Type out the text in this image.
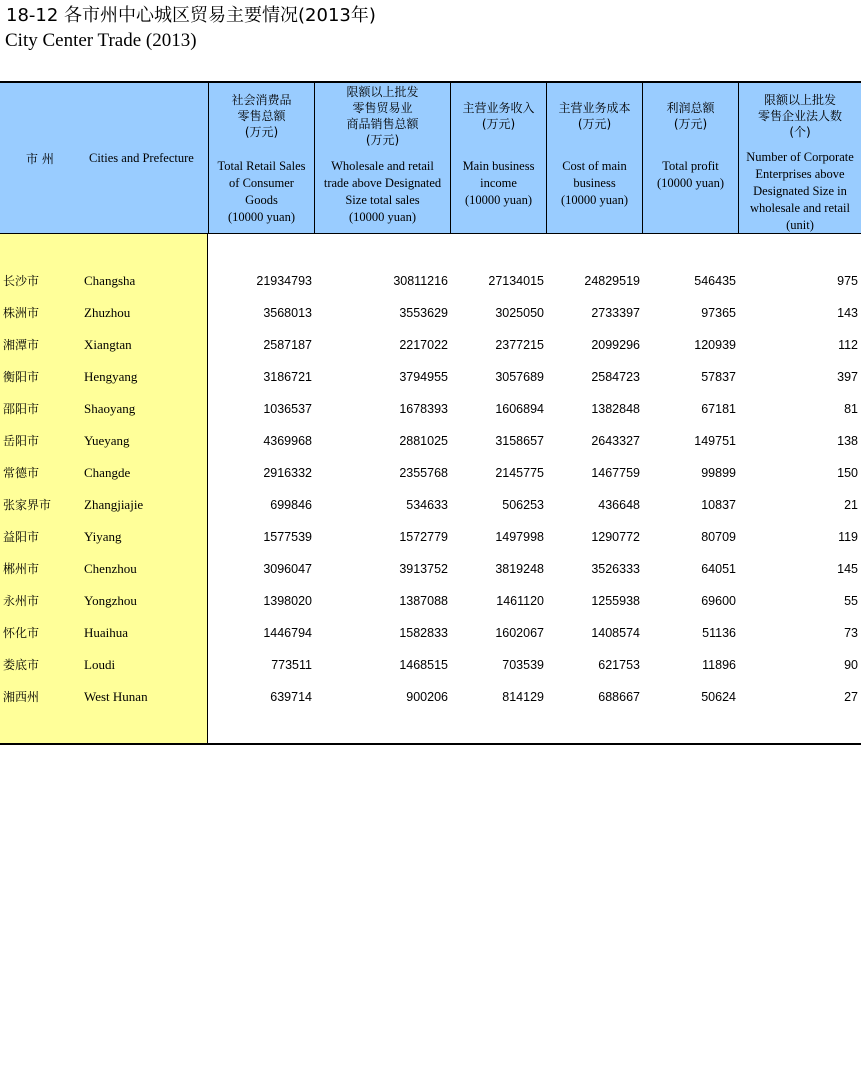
18-12 各市州中心城区贸易主要情况(2013年)
City Center Trade (2013)
市 州	Cities and Prefecture
社会消费品
零售总额
(万元)
Total Retail Sales
of Consumer
Goods
(10000 yuan)
限额以上批发
零售贸易业
商品销售总额
(万元)
Wholesale and retail
trade above Designated
Size total sales
(10000 yuan)
主营业务收入
(万元)
Main business
income
(10000 yuan)
主营业务成本
(万元)
Cost of main
business
(10000 yuan)
利润总额
(万元)
Total profit
(10000 yuan)
限额以上批发
零售企业法人数
(个)
Number of Corporate
Enterprises above
Designated Size in
wholesale and retail
(unit)
长沙市	Changsha	21934793	30811216	27134015	24829519	546435	975
株洲市	Zhuzhou	3568013	3553629	3025050	2733397	97365	143
湘潭市	Xiangtan	2587187	2217022	2377215	2099296	120939	112
衡阳市	Hengyang	3186721	3794955	3057689	2584723	57837	397
邵阳市	Shaoyang	1036537	1678393	1606894	1382848	67181	81
岳阳市	Yueyang	4369968	2881025	3158657	2643327	149751	138
常德市	Changde	2916332	2355768	2145775	1467759	99899	150
张家界市	Zhangjiajie	699846	534633	506253	436648	10837	21
益阳市	Yiyang	1577539	1572779	1497998	1290772	80709	119
郴州市	Chenzhou	3096047	3913752	3819248	3526333	64051	145
永州市	Yongzhou	1398020	1387088	1461120	1255938	69600	55
怀化市	Huaihua	1446794	1582833	1602067	1408574	51136	73
娄底市	Loudi	773511	1468515	703539	621753	11896	90
湘西州	West Hunan	639714	900206	814129	688667	50624	27
